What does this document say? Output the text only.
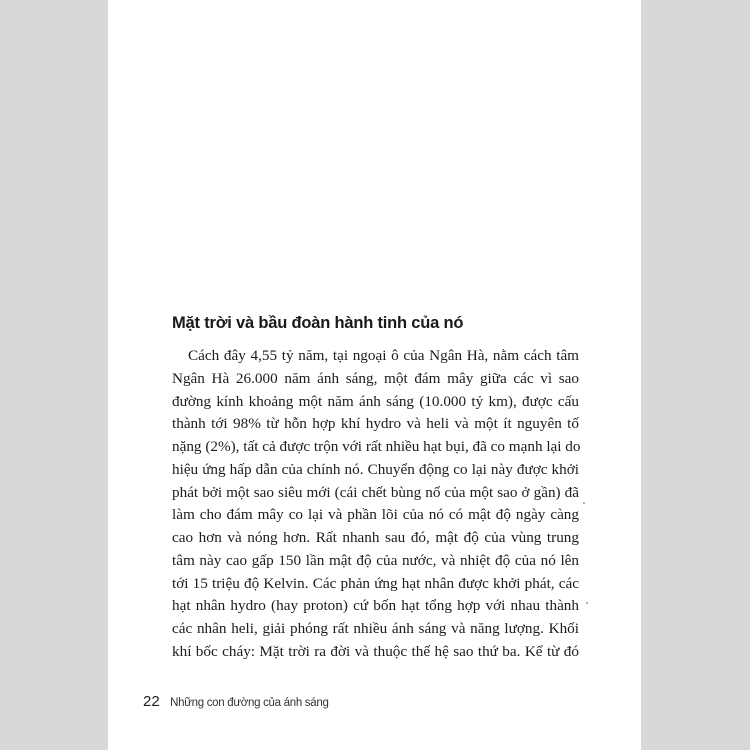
Mặt trời và bầu đoàn hành tinh của nó
Cách đây 4,55 tỷ năm, tại ngoại ô của Ngân Hà, nằm cách tâm
Ngân Hà 26.000 năm ánh sáng, một đám mây giữa các vì sao
đường kính khoảng một năm ánh sáng (10.000 tỷ km), được cấu
thành tới 98% từ hỗn hợp khí hydro và heli và một ít nguyên tố
nặng (2%), tất cả được trộn với rất nhiều hạt bụi, đã co mạnh lại do
hiệu ứng hấp dẫn của chính nó. Chuyển động co lại này được khởi
phát bởi một sao siêu mới (cái chết bùng nổ của một sao ở gần) đã
làm cho đám mây co lại và phần lõi của nó có mật độ ngày càng
cao hơn và nóng hơn. Rất nhanh sau đó, mật độ của vùng trung
tâm này cao gấp 150 lần mật độ của nước, và nhiệt độ của nó lên
tới 15 triệu độ Kelvin. Các phản ứng hạt nhân được khởi phát, các
hạt nhân hydro (hay proton) cứ bốn hạt tổng hợp với nhau thành
các nhân heli, giải phóng rất nhiều ánh sáng và năng lượng. Khối
khí bốc cháy: Mặt trời ra đời và thuộc thế hệ sao thứ ba. Kể từ đó
22 Những con đường của ánh sáng
